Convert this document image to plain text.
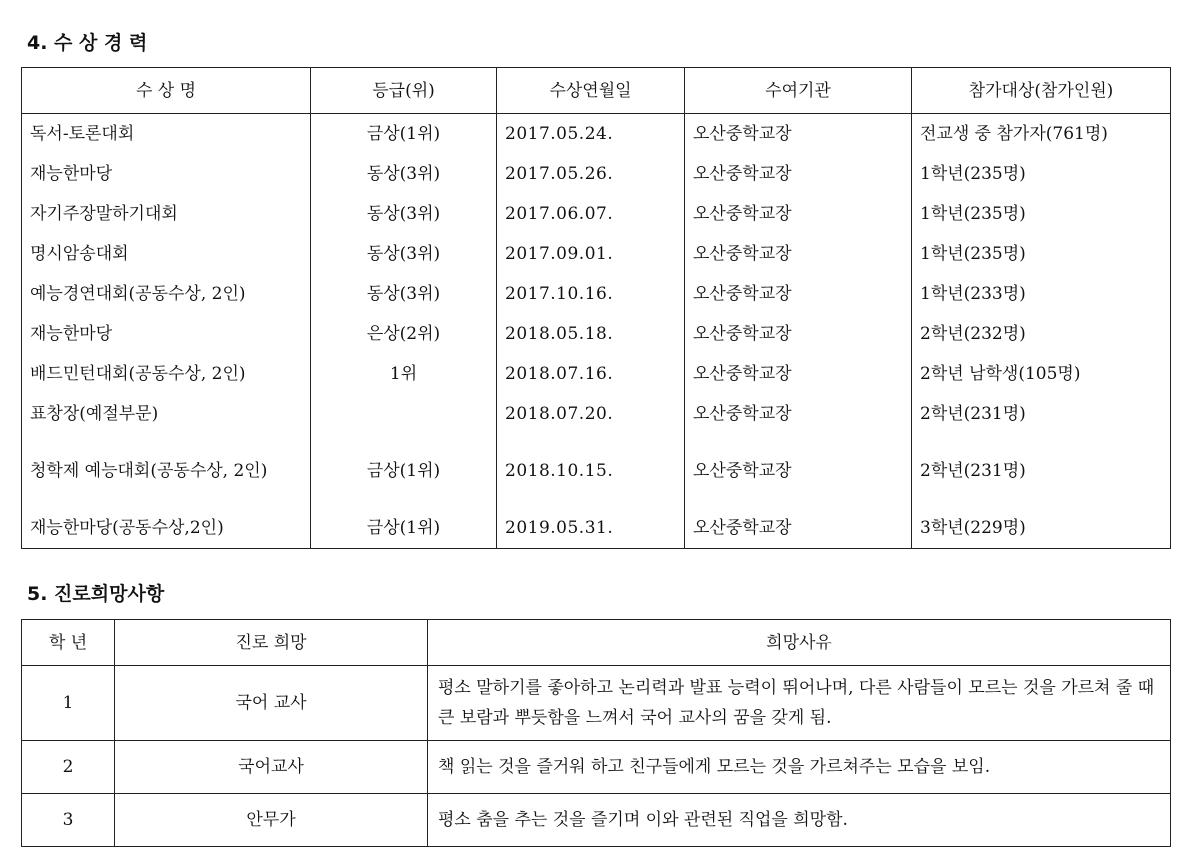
4. 수 상 경 력
수 상 명	등급(위)	수상연월일	수여기관	참가대상(참가인원)
독서-토론대회	금상(1위)	2017.05.24.	오산중학교장	전교생 중 참가자(761명)
재능한마당	동상(3위)	2017.05.26.	오산중학교장	1학년(235명)
자기주장말하기대회	동상(3위)	2017.06.07.	오산중학교장	1학년(235명)
명시암송대회	동상(3위)	2017.09.01.	오산중학교장	1학년(235명)
예능경연대회(공동수상, 2인)	동상(3위)	2017.10.16.	오산중학교장	1학년(233명)
재능한마당	은상(2위)	2018.05.18.	오산중학교장	2학년(232명)
배드민턴대회(공동수상, 2인)	1위	2018.07.16.	오산중학교장	2학년 남학생(105명)
표창장(예절부문)		2018.07.20.	오산중학교장	2학년(231명)
청학제 예능대회(공동수상, 2인)	금상(1위)	2018.10.15.	오산중학교장	2학년(231명)
재능한마당(공동수상,2인)	금상(1위)	2019.05.31.	오산중학교장	3학년(229명)
5. 진로희망사항
학 년	진로 희망	희망사유
1	국어 교사	평소 말하기를 좋아하고 논리력과 발표 능력이 뛰어나며, 다른 사람들이 모르는 것을 가르쳐 줄 때 큰 보람과 뿌듯함을 느껴서 국어 교사의 꿈을 갖게 됨.
2	국어교사	책 읽는 것을 즐거워 하고 친구들에게 모르는 것을 가르쳐주는 모습을 보임.
3	안무가	평소 춤을 추는 것을 즐기며 이와 관련된 직업을 희망함.
